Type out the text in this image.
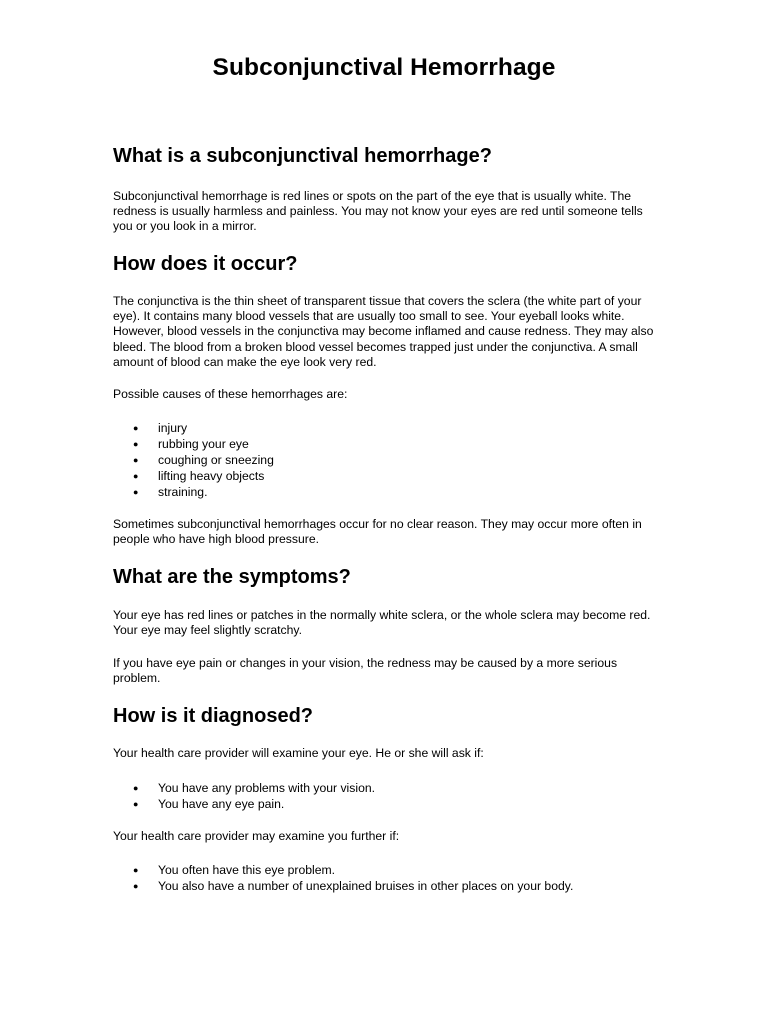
Subconjunctival Hemorrhage
What is a subconjunctival hemorrhage?

Subconjunctival hemorrhage is red lines or spots on the part of the eye that is usually white. The redness is usually harmless and painless. You may not know your eyes are red until someone tells you or you look in a mirror.

How does it occur?

The conjunctiva is the thin sheet of transparent tissue that covers the sclera (the white part of your eye). It contains many blood vessels that are usually too small to see. Your eyeball looks white. However, blood vessels in the conjunctiva may become inflamed and cause redness. They may also bleed. The blood from a broken blood vessel becomes trapped just under the conjunctiva. A small amount of blood can make the eye look very red.

Possible causes of these hemorrhages are:

● injury
● rubbing your eye
● coughing or sneezing
● lifting heavy objects
● straining.

Sometimes subconjunctival hemorrhages occur for no clear reason. They may occur more often in people who have high blood pressure.

What are the symptoms?

Your eye has red lines or patches in the normally white sclera, or the whole sclera may become red. Your eye may feel slightly scratchy.

If you have eye pain or changes in your vision, the redness may be caused by a more serious problem.

How is it diagnosed?

Your health care provider will examine your eye. He or she will ask if:

● You have any problems with your vision.
● You have any eye pain.

Your health care provider may examine you further if:

● You often have this eye problem.
● You also have a number of unexplained bruises in other places on your body.
